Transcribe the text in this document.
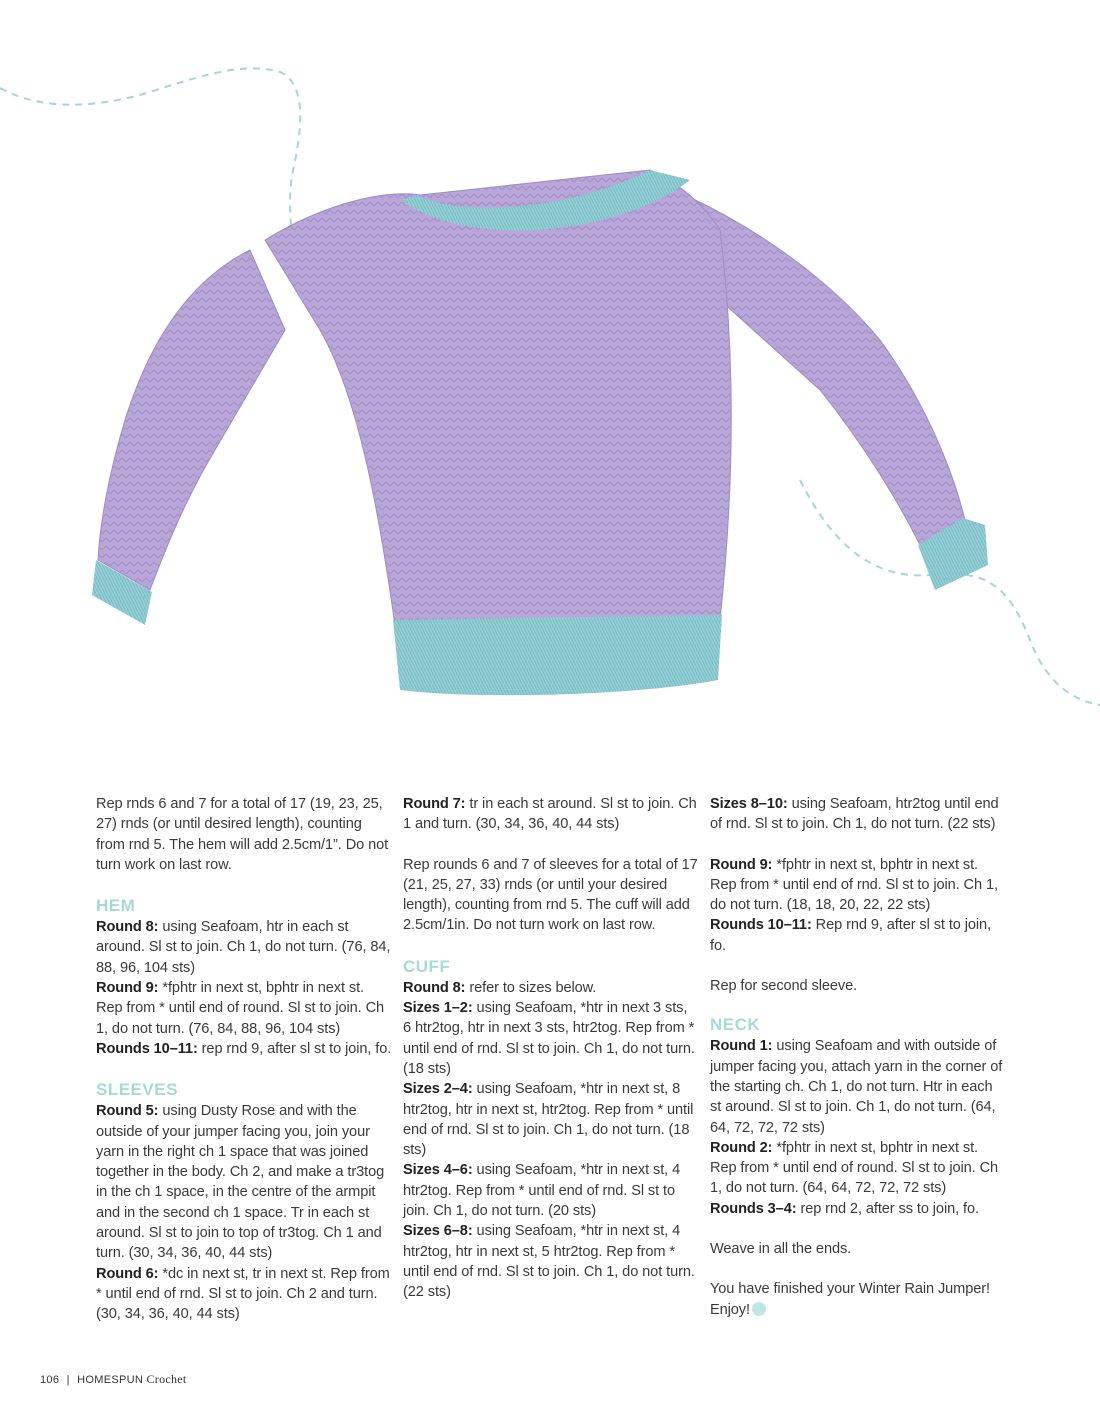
Rep rnds 6 and 7 for a total of 17 (19, 23, 25, 27) rnds (or until desired length), counting from rnd 5. The hem will add 2.5cm/1”. Do not turn work on last row.

HEM

Round 8: using Seafoam, htr in each st around. Sl st to join. Ch 1, do not turn. (76, 84, 88, 96, 104 sts)

Round 9: *fphtr in next st, bphtr in next st. Rep from * until end of round. Sl st to join. Ch 1, do not turn. (76, 84, 88, 96, 104 sts)

Rounds 10–11: rep rnd 9, after sl st to join, fo.

SLEEVES

Round 5: using Dusty Rose and with the outside of your jumper facing you, join your yarn in the right ch 1 space that was joined together in the body. Ch 2, and make a tr3tog in the ch 1 space, in the centre of the armpit and in the second ch 1 space. Tr in each st around. Sl st to join to top of tr3tog. Ch 1 and turn. (30, 34, 36, 40, 44 sts)

Round 6: *dc in next st, tr in next st. Rep from * until end of rnd. Sl st to join. Ch 2 and turn. (30, 34, 36, 40, 44 sts)

Round 7: tr in each st around. Sl st to join. Ch 1 and turn. (30, 34, 36, 40, 44 sts)

Rep rounds 6 and 7 of sleeves for a total of 17 (21, 25, 27, 33) rnds (or until your desired length), counting from rnd 5. The cuff will add 2.5cm/1in. Do not turn work on last row.

CUFF

Round 8: refer to sizes below.

Sizes 1–2: using Seafoam, *htr in next 3 sts, 6 htr2tog, htr in next 3 sts, htr2tog. Rep from * until end of rnd. Sl st to join. Ch 1, do not turn. (18 sts)

Sizes 2–4: using Seafoam, *htr in next st, 8 htr2tog, htr in next st, htr2tog. Rep from * until end of rnd. Sl st to join. Ch 1, do not turn. (18 sts)

Sizes 4–6: using Seafoam, *htr in next st, 4 htr2tog. Rep from * until end of rnd. Sl st to join. Ch 1, do not turn. (20 sts)

Sizes 6–8: using Seafoam, *htr in next st, 4 htr2tog, htr in next st, 5 htr2tog. Rep from * until end of rnd. Sl st to join. Ch 1, do not turn. (22 sts)

Sizes 8–10: using Seafoam, htr2tog until end of rnd. Sl st to join. Ch 1, do not turn. (22 sts)

Round 9: *fphtr in next st, bphtr in next st. Rep from * until end of rnd. Sl st to join. Ch 1, do not turn. (18, 18, 20, 22, 22 sts)

Rounds 10–11: Rep rnd 9, after sl st to join, fo.

Rep for second sleeve.

NECK

Round 1: using Seafoam and with outside of jumper facing you, attach yarn in the corner of the starting ch. Ch 1, do not turn. Htr in each st around. Sl st to join. Ch 1, do not turn. (64, 64, 72, 72, 72 sts)

Round 2: *fphtr in next st, bphtr in next st. Rep from * until end of round. Sl st to join. Ch 1, do not turn. (64, 64, 72, 72, 72 sts)

Rounds 3–4: rep rnd 2, after ss to join, fo.

Weave in all the ends.

You have finished your Winter Rain Jumper! Enjoy!

106 | HOMESPUN Crochet
